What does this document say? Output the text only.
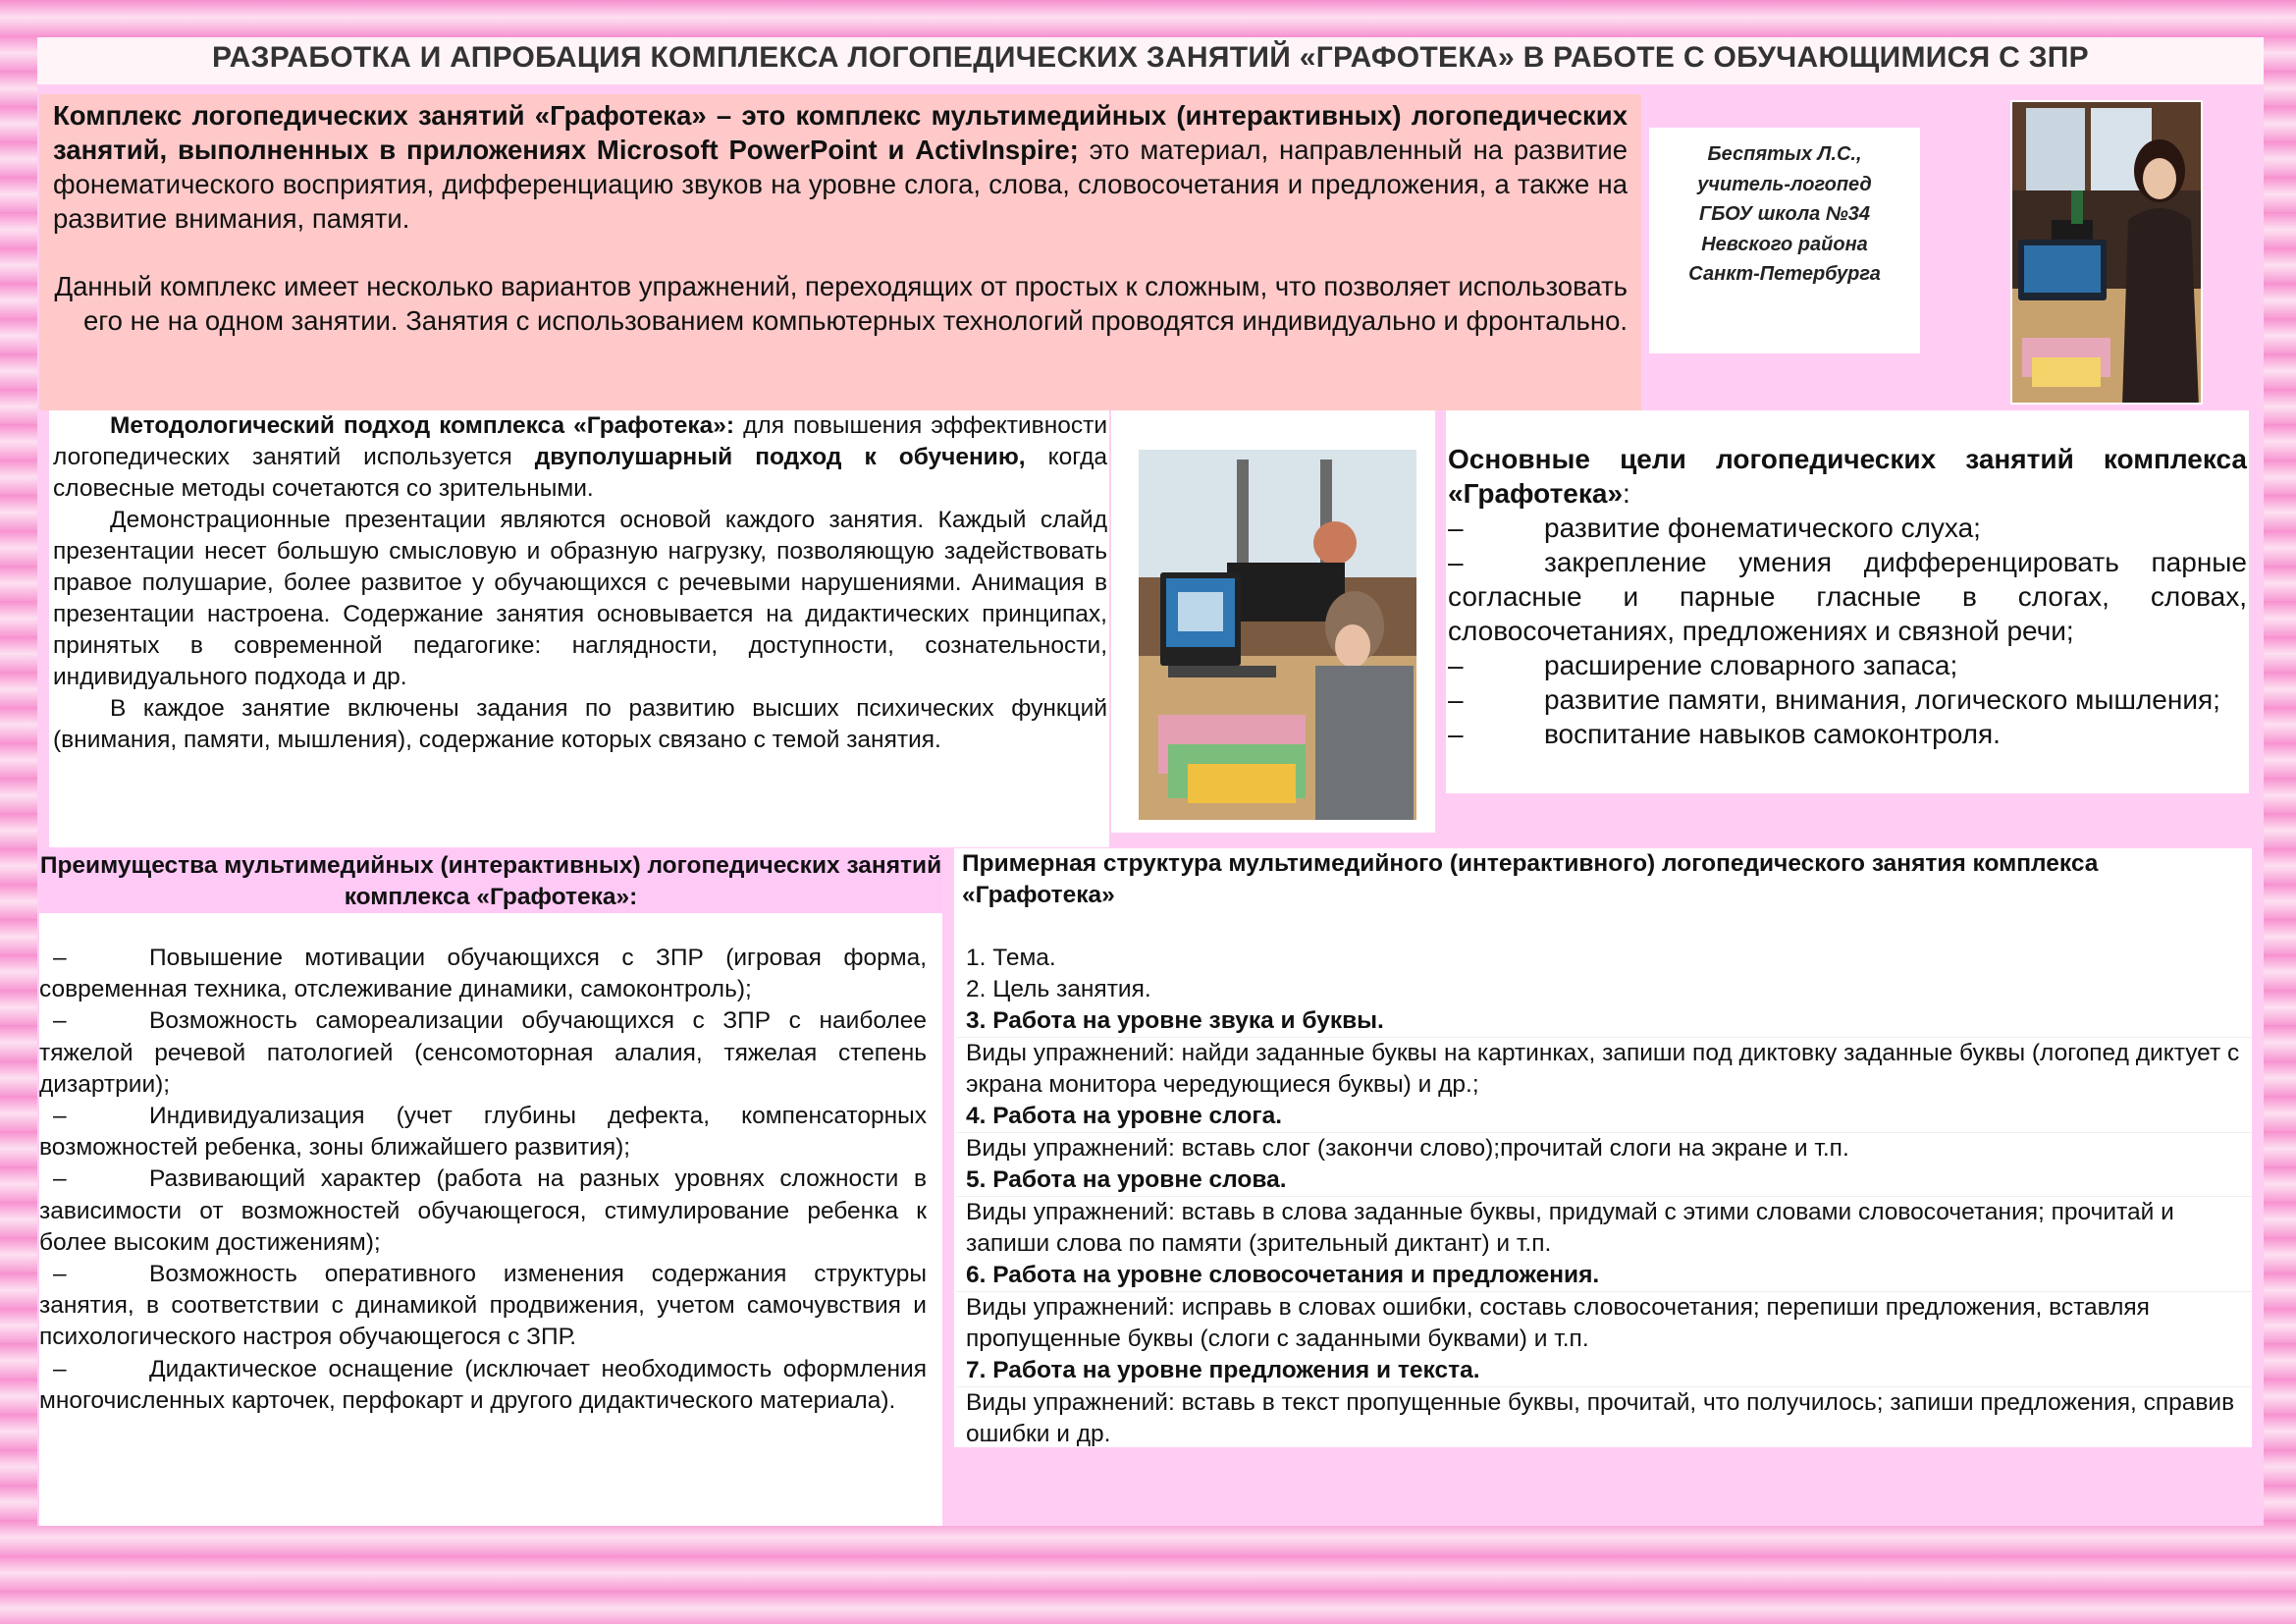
РАЗРАБОТКА И АПРОБАЦИЯ КОМПЛЕКСА ЛОГОПЕДИЧЕСКИХ ЗАНЯТИЙ «ГРАФОТЕКА» В РАБОТЕ С ОБУЧАЮЩИМИСЯ С ЗПР

Комплекс логопедических занятий «Графотека» – это комплекс мультимедийных (интерактивных) логопедических занятий, выполненных в приложениях Microsoft PowerPoint и ActivInspire; это материал, направленный на развитие фонематического восприятия, дифференциацию звуков на уровне слога, слова, словосочетания и предложения, а также на развитие внимания, памяти.

Данный комплекс имеет несколько вариантов упражнений, переходящих от простых к сложным, что позволяет использовать его не на одном занятии. Занятия с использованием компьютерных технологий проводятся индивидуально и фронтально.

Беспятых Л.С.,
учитель-логопед
ГБОУ школа №34
Невского района
Санкт-Петербурга

Методологический подход комплекса «Графотека»: для повышения эффективности логопедических занятий используется двуполушарный подход к обучению, когда словесные методы сочетаются со зрительными.

Демонстрационные презентации являются основой каждого занятия. Каждый слайд презентации несет большую смысловую и образную нагрузку, позволяющую задействовать правое полушарие, более развитое у обучающихся с речевыми нарушениями. Анимация в презентации настроена. Содержание занятия основывается на дидактических принципах, принятых в современной педагогике: наглядности, доступности, сознательности, индивидуального подхода и др.

В каждое занятие включены задания по развитию высших психических функций (внимания, памяти, мышления), содержание которых связано с темой занятия.

Основные цели логопедических занятий комплекса «Графотека»:
–	развитие фонематического слуха;
–	закрепление умения дифференцировать парные согласные и парные гласные в слогах, словах, словосочетаниях, предложениях и связной речи;
–	расширение словарного запаса;
–	развитие памяти, внимания, логического мышления;
–	воспитание навыков самоконтроля.
Преимущества мультимедийных (интерактивных) логопедических занятий комплекса «Графотека»:
–	Повышение мотивации обучающихся с ЗПР (игровая форма, современная техника, отслеживание динамики, самоконтроль);
–	Возможность самореализации обучающихся с ЗПР с наиболее тяжелой речевой патологией (сенсомоторная алалия, тяжелая степень дизартрии);
–	Индивидуализация (учет глубины дефекта, компенсаторных возможностей ребенка, зоны ближайшего развития);
–	Развивающий характер (работа на разных уровнях сложности в зависимости от возможностей обучающегося, стимулирование ребенка к более высоким достижениям);
–	Возможность оперативного изменения содержания структуры занятия, в соответствии с динамикой продвижения, учетом самочувствия и психологического настроя обучающегося с ЗПР.
–	Дидактическое оснащение (исключает необходимость оформления многочисленных карточек, перфокарт и другого дидактического материала).
Примерная структура мультимедийного (интерактивного) логопедического занятия комплекса «Графотека»
1. Тема.
2. Цель занятия.
3. Работа на уровне звука и буквы.
Виды упражнений: найди заданные буквы на картинках, запиши под диктовку заданные буквы (логопед диктует с экрана монитора чередующиеся буквы) и др.;
4. Работа на уровне слога.
Виды упражнений: вставь слог (закончи слово);прочитай слоги на экране и т.п.
5. Работа на уровне слова.
Виды упражнений: вставь в слова заданные буквы, придумай с этими словами словосочетания; прочитай и запиши слова по памяти (зрительный диктант) и т.п.
6. Работа на уровне словосочетания и предложения.
Виды упражнений: исправь в словах ошибки, составь словосочетания; перепиши предложения, вставляя пропущенные буквы (слоги с заданными буквами) и т.п.
7. Работа на уровне предложения и текста.
Виды упражнений: вставь в текст пропущенные буквы, прочитай, что получилось; запиши предложения, справив ошибки и др.
